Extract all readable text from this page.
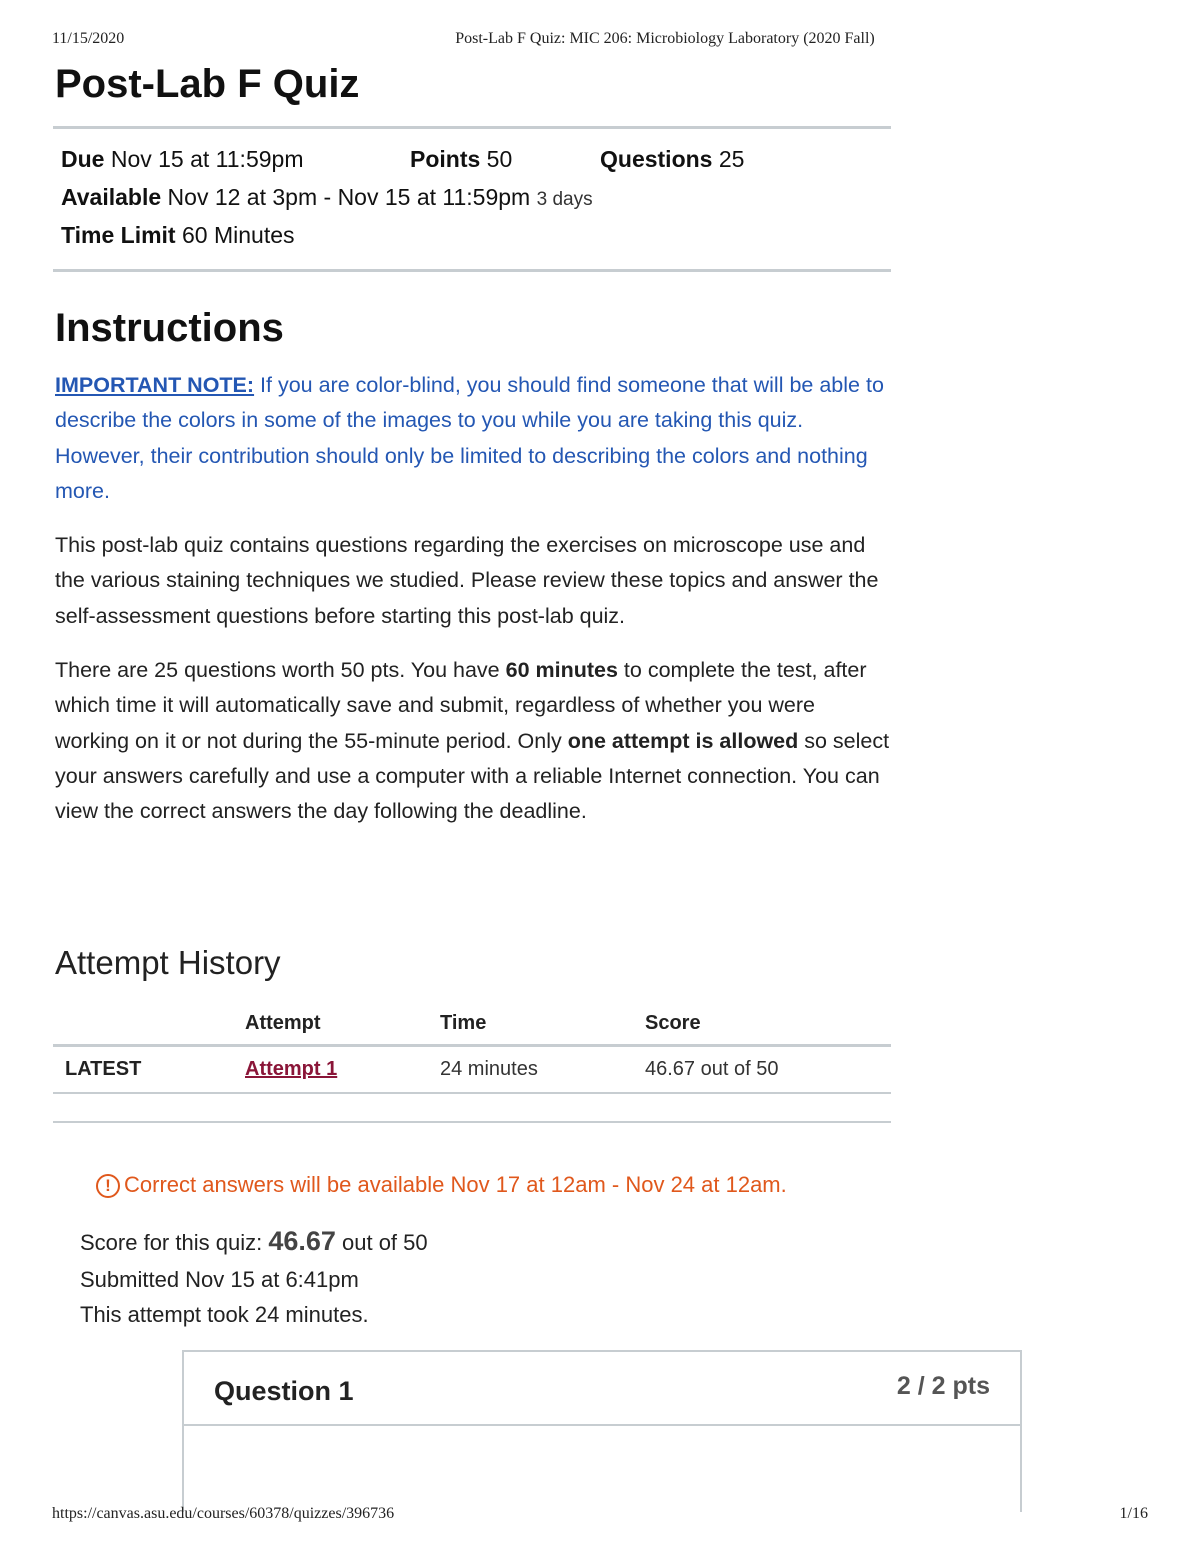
11/15/2020	Post-Lab F Quiz: MIC 206: Microbiology Laboratory (2020 Fall)
Post-Lab F Quiz
Due Nov 15 at 11:59pm	Points 50	Questions 25
Available Nov 12 at 3pm - Nov 15 at 11:59pm 3 days
Time Limit 60 Minutes
Instructions

IMPORTANT NOTE: If you are color-blind, you should find someone that will be able to describe the colors in some of the images to you while you are taking this quiz. However, their contribution should only be limited to describing the colors and nothing more.

This post-lab quiz contains questions regarding the exercises on microscope use and the various staining techniques we studied. Please review these topics and answer the self-assessment questions before starting this post-lab quiz.

There are 25 questions worth 50 pts. You have 60 minutes to complete the test, after which time it will automatically save and submit, regardless of whether you were working on it or not during the 55-minute period. Only one attempt is allowed so select your answers carefully and use a computer with a reliable Internet connection. You can view the correct answers the day following the deadline.

Attempt History
	Attempt	Time	Score
LATEST	Attempt 1	24 minutes	46.67 out of 50
! Correct answers will be available Nov 17 at 12am - Nov 24 at 12am.
Score for this quiz: 46.67 out of 50
Submitted Nov 15 at 6:41pm
This attempt took 24 minutes.
Question 1	2 / 2 pts
https://canvas.asu.edu/courses/60378/quizzes/396736	1/16
